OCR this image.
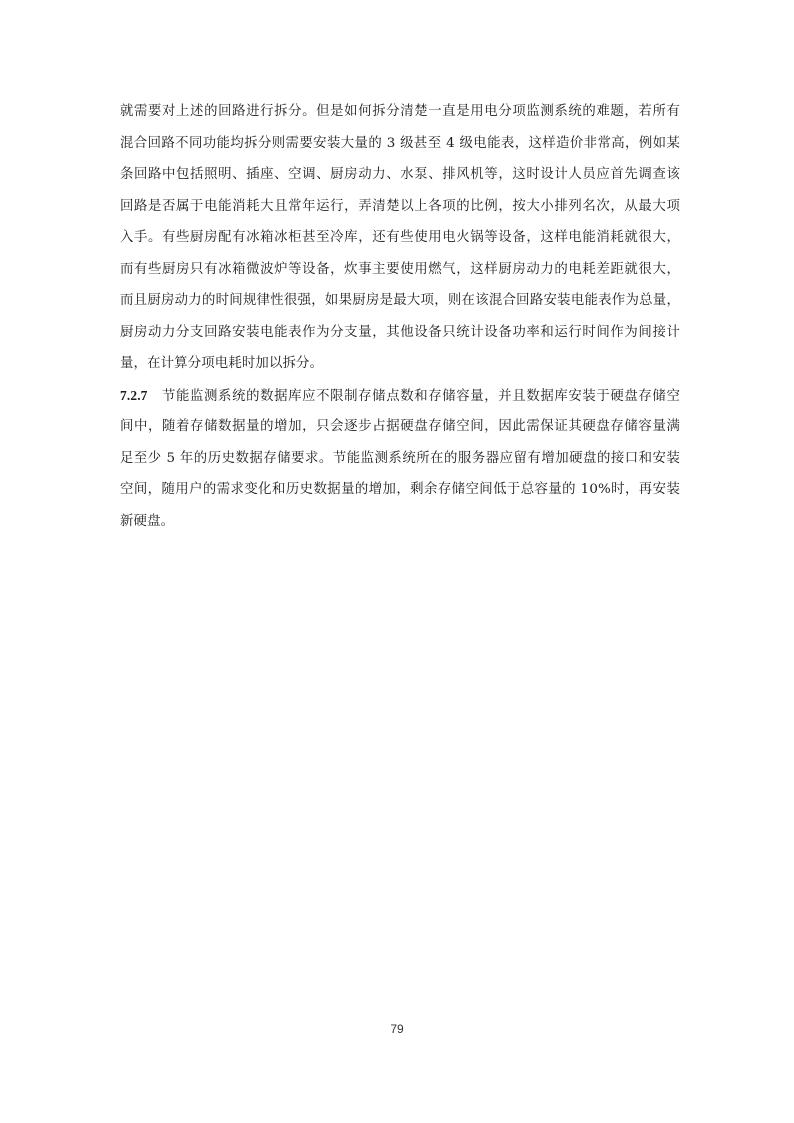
就需要对上述的回路进行拆分。但是如何拆分清楚一直是用电分项监测系统的难题，若所有
混合回路不同功能均拆分则需要安装大量的 3 级甚至 4 级电能表，这样造价非常高，例如某
条回路中包括照明、插座、空调、厨房动力、水泵、排风机等，这时设计人员应首先调查该
回路是否属于电能消耗大且常年运行，弄清楚以上各项的比例，按大小排列名次，从最大项
入手。有些厨房配有冰箱冰柜甚至冷库，还有些使用电火锅等设备，这样电能消耗就很大，
而有些厨房只有冰箱微波炉等设备，炊事主要使用燃气，这样厨房动力的电耗差距就很大，
而且厨房动力的时间规律性很强，如果厨房是最大项，则在该混合回路安装电能表作为总量，
厨房动力分支回路安装电能表作为分支量，其他设备只统计设备功率和运行时间作为间接计
量，在计算分项电耗时加以拆分。
7.2.7 节能监测系统的数据库应不限制存储点数和存储容量，并且数据库安装于硬盘存储空
间中，随着存储数据量的增加，只会逐步占据硬盘存储空间，因此需保证其硬盘存储容量满
足至少 5 年的历史数据存储要求。节能监测系统所在的服务器应留有增加硬盘的接口和安装
空间，随用户的需求变化和历史数据量的增加，剩余存储空间低于总容量的 10%时，再安装
新硬盘。
79
